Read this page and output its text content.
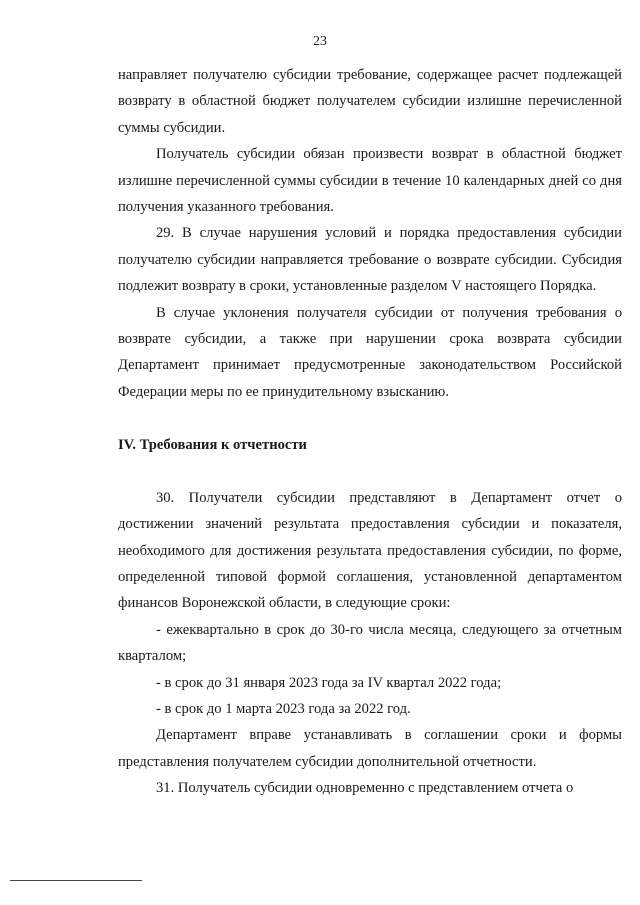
23

направляет получателю субсидии требование, содержащее расчет подлежащей возврату в областной бюджет получателем субсидии излишне перечисленной суммы субсидии.

Получатель субсидии обязан произвести возврат в областной бюджет излишне перечисленной суммы субсидии в течение 10 календарных дней со дня получения указанного требования.

29. В случае нарушения условий и порядка предоставления субсидии получателю субсидии направляется требование о возврате субсидии. Субсидия подлежит возврату в сроки, установленные разделом V настоящего Порядка.

В случае уклонения получателя субсидии от получения требования о возврате субсидии, а также при нарушении срока возврата субсидии Департамент принимает предусмотренные законодательством Российской Федерации меры по ее принудительному взысканию.

IV. Требования к отчетности

30. Получатели субсидии представляют в Департамент отчет о достижении значений результата предоставления субсидии и показателя, необходимого для достижения результата предоставления субсидии, по форме, определенной типовой формой соглашения, установленной департаментом финансов Воронежской области, в следующие сроки:

- ежеквартально в срок до 30-го числа месяца, следующего за отчетным кварталом;

- в срок до 31 января 2023 года за IV квартал 2022 года;

- в срок до 1 марта 2023 года за 2022 год.

Департамент вправе устанавливать в соглашении сроки и формы представления получателем субсидии дополнительной отчетности.

31. Получатель субсидии одновременно с представлением отчета о
